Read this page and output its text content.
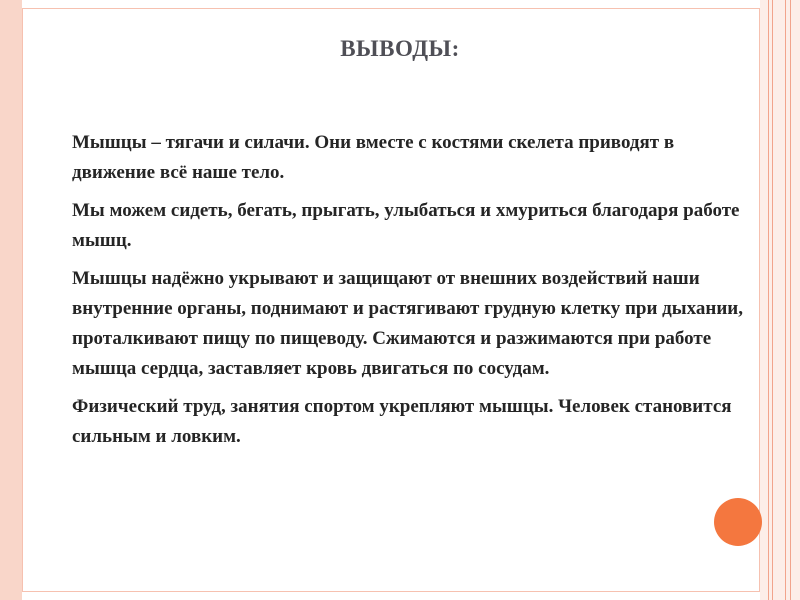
ВЫВОДЫ:
Мышцы – тягачи и силачи. Они вместе с костями скелета приводят в движение всё наше тело.
Мы можем сидеть, бегать, прыгать, улыбаться и хмуриться благодаря работе мышц.
Мышцы надёжно укрывают и защищают от внешних воздействий наши внутренние органы, поднимают и растягивают грудную клетку при дыхании, проталкивают пищу по пищеводу. Сжимаются и разжимаются при работе мышца сердца, заставляет кровь двигаться по сосудам.
Физический труд, занятия спортом укрепляют мышцы. Человек становится сильным и ловким.
